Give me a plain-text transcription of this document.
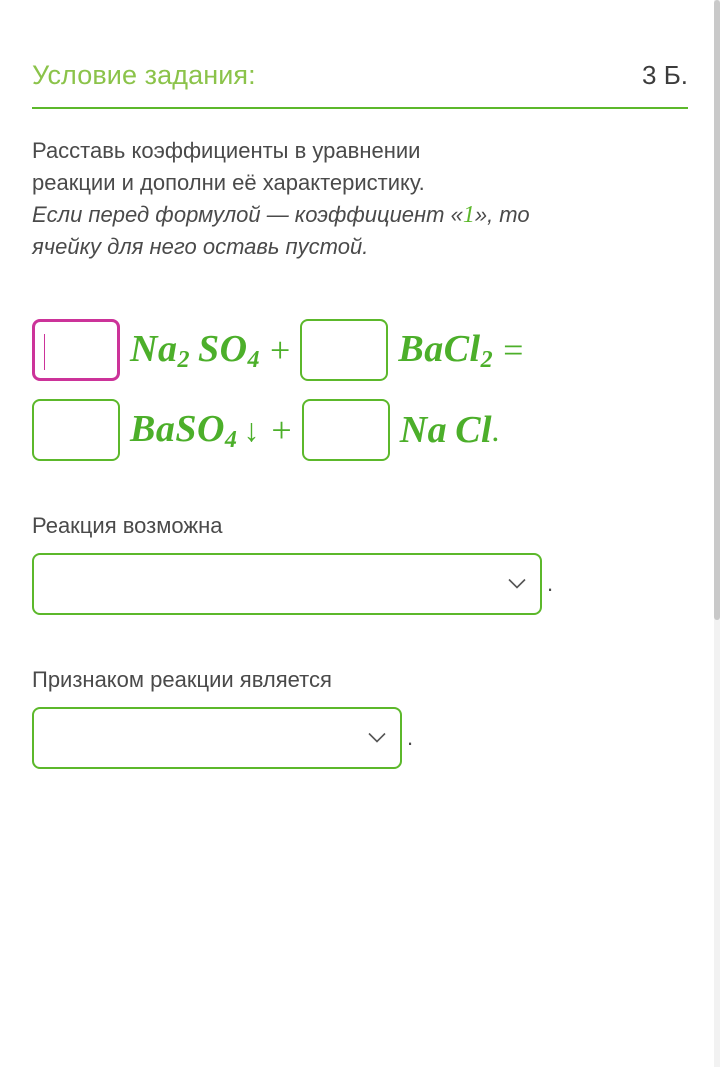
Условие задания:	3 Б.
Расставь коэффициенты в уравнении
реакции и дополни её характеристику.
Если перед формулой — коэффициент «1», то
ячейку для него оставь пустой.
$Na_2$ $SO_4$ +	BaCl$_2$ =
BaSO$_4$ ↓ +	Na Cl .
Реакция возможна
.
Признаком реакции является
.
